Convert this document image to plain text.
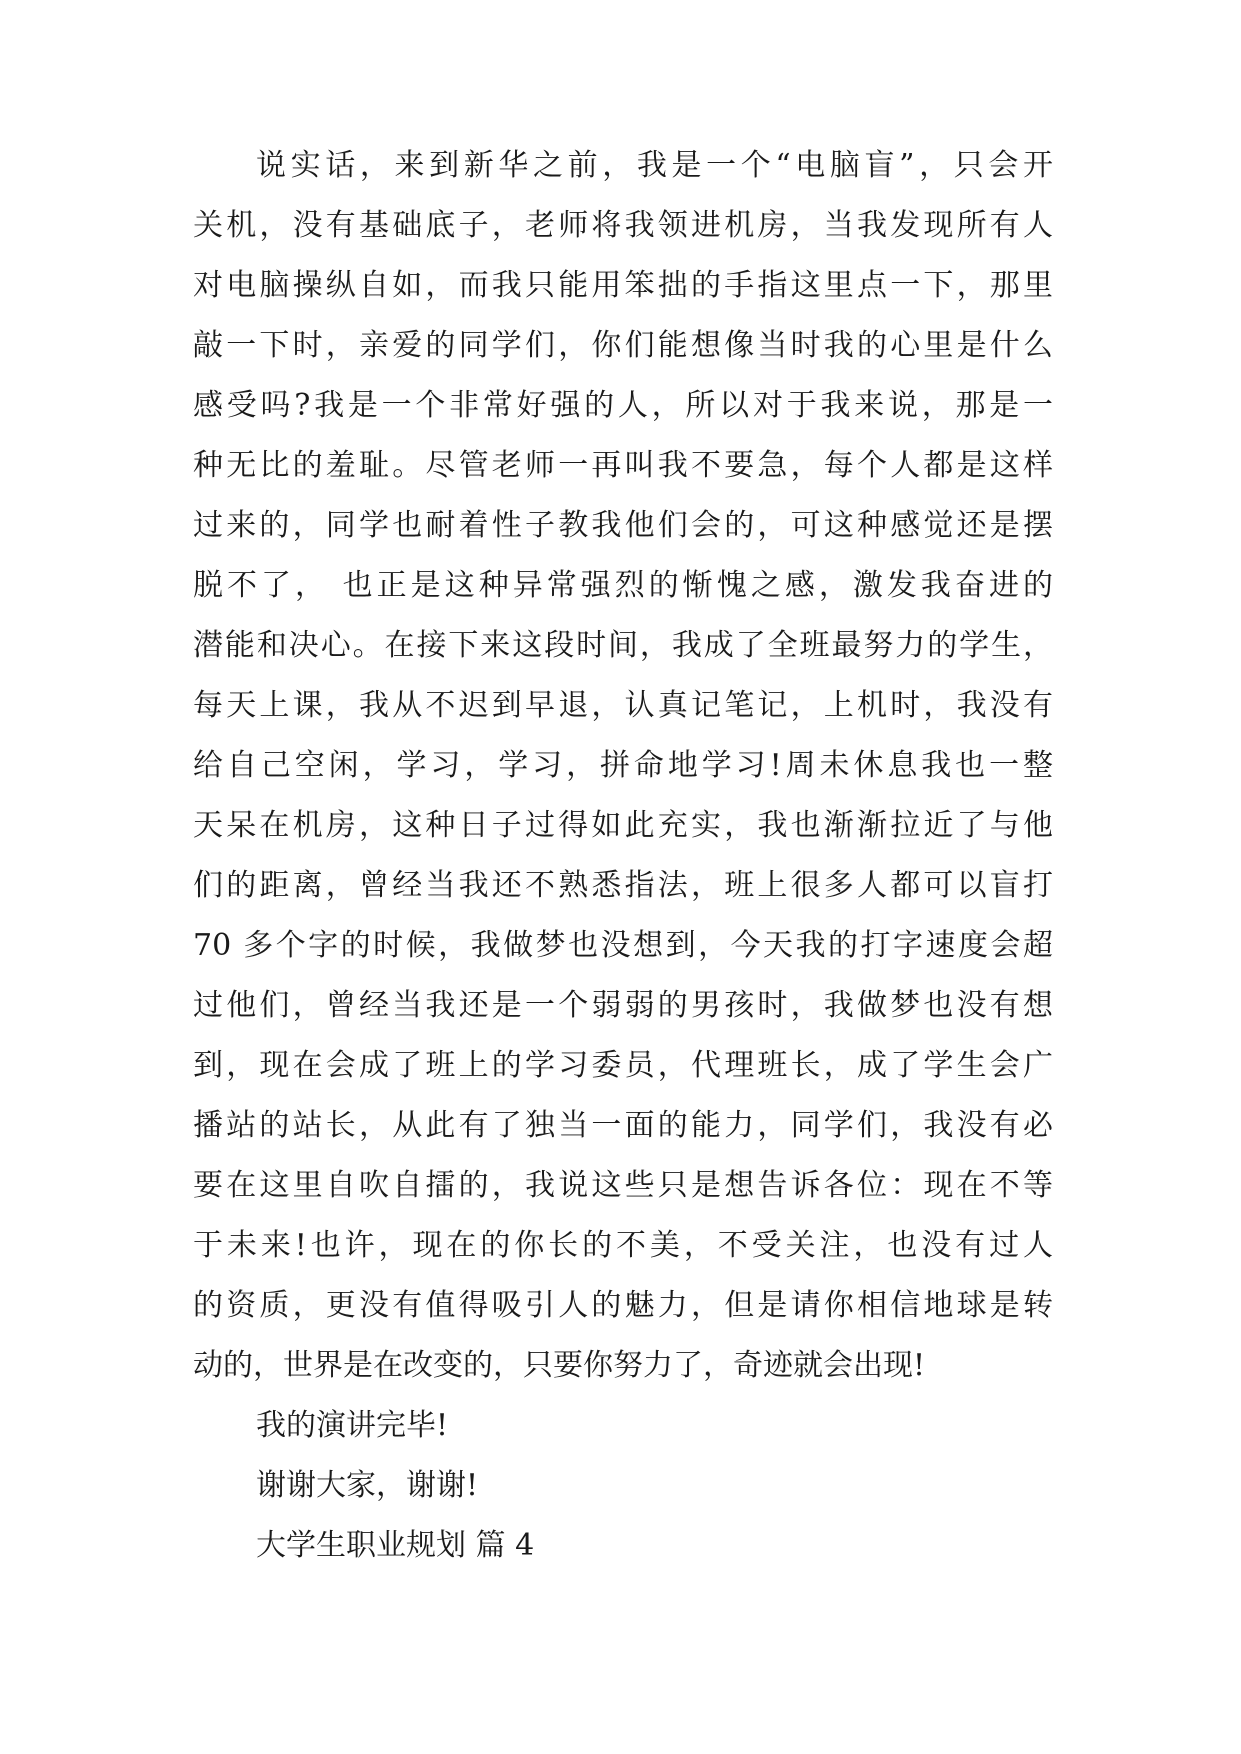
说实话，来到新华之前，我是一个“电脑盲”，只会开
关机，没有基础底子，老师将我领进机房，当我发现所有人
对电脑操纵自如，而我只能用笨拙的手指这里点一下，那里
敲一下时，亲爱的同学们，你们能想像当时我的心里是什么
感受吗?我是一个非常好强的人，所以对于我来说，那是一
种无比的羞耻。尽管老师一再叫我不要急，每个人都是这样
过来的，同学也耐着性子教我他们会的，可这种感觉还是摆
脱不了， 也正是这种异常强烈的惭愧之感，激发我奋进的
潜能和决心。在接下来这段时间，我成了全班最努力的学生，
每天上课，我从不迟到早退，认真记笔记，上机时，我没有
给自己空闲，学习，学习，拼命地学习!周未休息我也一整
天呆在机房，这种日子过得如此充实，我也渐渐拉近了与他
们的距离，曾经当我还不熟悉指法，班上很多人都可以盲打
70 多个字的时候，我做梦也没想到，今天我的打字速度会超
过他们，曾经当我还是一个弱弱的男孩时，我做梦也没有想
到，现在会成了班上的学习委员，代理班长，成了学生会广
播站的站长，从此有了独当一面的能力，同学们，我没有必
要在这里自吹自擂的，我说这些只是想告诉各位：现在不等
于未来!也许，现在的你长的不美，不受关注，也没有过人
的资质，更没有值得吸引人的魅力，但是请你相信地球是转
动的，世界是在改变的，只要你努力了，奇迹就会出现!
我的演讲完毕!
谢谢大家，谢谢!
大学生职业规划 篇 4
